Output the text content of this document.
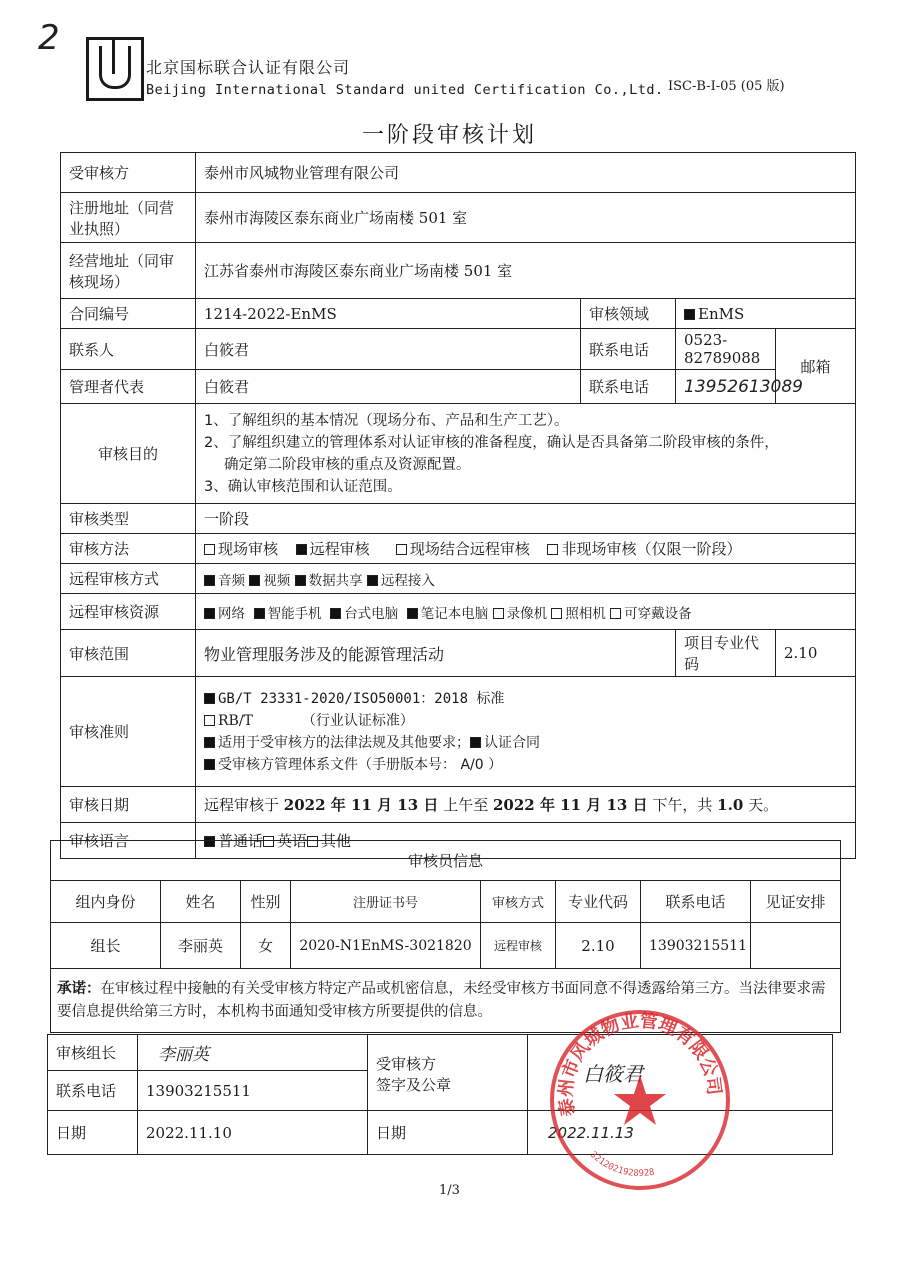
2
北京国标联合认证有限公司
Beijing International Standard united Certification Co.,Ltd. ISC-B-I-05 (05 版)
一阶段审核计划
受审核方	泰州市风城物业管理有限公司			
注册地址（同营业执照）	泰州市海陵区泰东商业广场南楼 501 室			
经营地址（同审核现场）	江苏省泰州市海陵区泰东商业广场南楼 501 室			
合同编号	1214-2022-EnMS	审核领域	EnMS	
联系人	白筱君	联系电话	0523-82789088	邮箱
管理者代表	白筱君	联系电话	13952613089	
审核目的	1、了解组织的基本情况（现场分布、产品和生产工艺）。
2、了解组织建立的管理体系对认证审核的准备程度，确认是否具备第二阶段审核的条件，
确定第二阶段审核的重点及资源配置。
3、确认审核范围和认证范围。			

审核类型	一阶段			
审核方法	现场审核 远程审核 现场结合远程审核 非现场审核（仅限一阶段）			
远程审核方式	音频 视频 数据共享 远程接入			
远程审核资源	网络 智能手机 台式电脑 笔记本电脑 录像机 照相机 可穿戴设备			
审核范围	物业管理服务涉及的能源管理活动		项目专业代码	2.10
审核准则	GB/T 23331-2020/ISO50001：2018 标准
RB/T （行业认证标准）
适用于受审核方的法律法规及其他要求； 认证合同
受审核方管理体系文件（手册版本号： A/0 ）			

审核日期	远程审核于 2022 年 11 月 13 日 上午至 2022 年 11 月 13 日 下午，共 1.0 天。			
审核语言	普通话 英语 其他			
审核员信息							
组内身份	姓名	性别	注册证书号	审核方式	专业代码	联系电话	见证安排
组长	李丽英	女	2020-N1EnMS-3021820	远程审核	2.10	13903215511	
承诺：在审核过程中接触的有关受审核方特定产品或机密信息，未经受审核方书面同意不得透露给第三方。当法律要求需要信息提供给第三方时，本机构书面通知受审核方所要提供的信息。							
审核组长	李丽英	受审核方
签字及公章	白筱君
联系电话	13903215511		
日期	2022.11.10	日期	2022.11.13
泰州市风城物业管理有限公司
3212021928928
1/3
